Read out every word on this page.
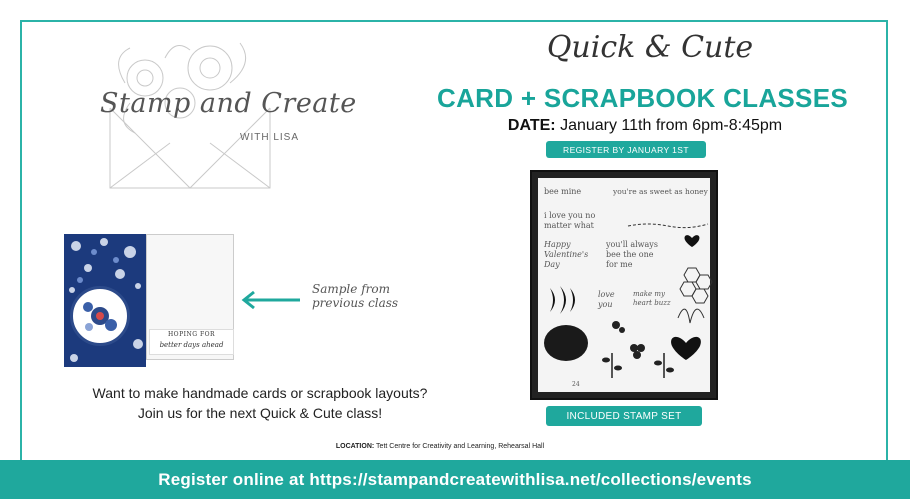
Stamp and Create
WITH LISA
Quick & Cute
CARD + SCRAPBOOK CLASSES
DATE: January 11th from 6pm-8:45pm
REGISTER BY JANUARY 1ST
bee mine	you're as sweet as honey
i love you no matter what
Happy Valentine's Day
you'll always bee the one for me
love you
make my heart buzz
24
INCLUDED STAMP SET
HOPING FOR
better days ahead
Sample from previous class
Want to make handmade cards or scrapbook layouts?
Join us for the next Quick & Cute class!
LOCATION: Tett Centre for Creativity and Learning, Rehearsal Hall
Register online at https://stampandcreatewithlisa.net/collections/events
